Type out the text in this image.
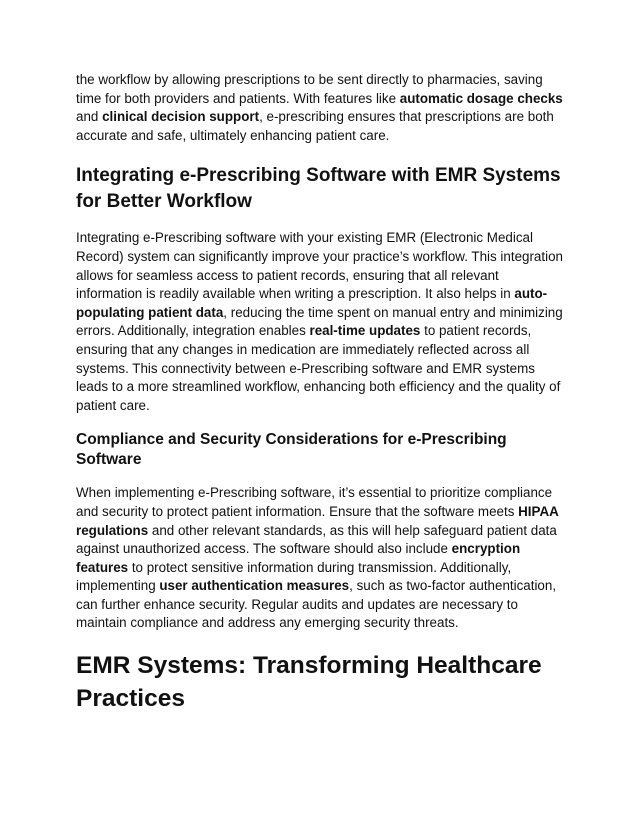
the workflow by allowing prescriptions to be sent directly to pharmacies, saving time for both providers and patients. With features like automatic dosage checks and clinical decision support, e-prescribing ensures that prescriptions are both accurate and safe, ultimately enhancing patient care.

Integrating e-Prescribing Software with EMR Systems for Better Workflow

Integrating e-Prescribing software with your existing EMR (Electronic Medical Record) system can significantly improve your practice’s workflow. This integration allows for seamless access to patient records, ensuring that all relevant information is readily available when writing a prescription. It also helps in auto-populating patient data, reducing the time spent on manual entry and minimizing errors. Additionally, integration enables real-time updates to patient records, ensuring that any changes in medication are immediately reflected across all systems. This connectivity between e-Prescribing software and EMR systems leads to a more streamlined workflow, enhancing both efficiency and the quality of patient care.

Compliance and Security Considerations for e-Prescribing Software

When implementing e-Prescribing software, it’s essential to prioritize compliance and security to protect patient information. Ensure that the software meets HIPAA regulations and other relevant standards, as this will help safeguard patient data against unauthorized access. The software should also include encryption features to protect sensitive information during transmission. Additionally, implementing user authentication measures, such as two-factor authentication, can further enhance security. Regular audits and updates are necessary to maintain compliance and address any emerging security threats.

EMR Systems: Transforming Healthcare Practices
